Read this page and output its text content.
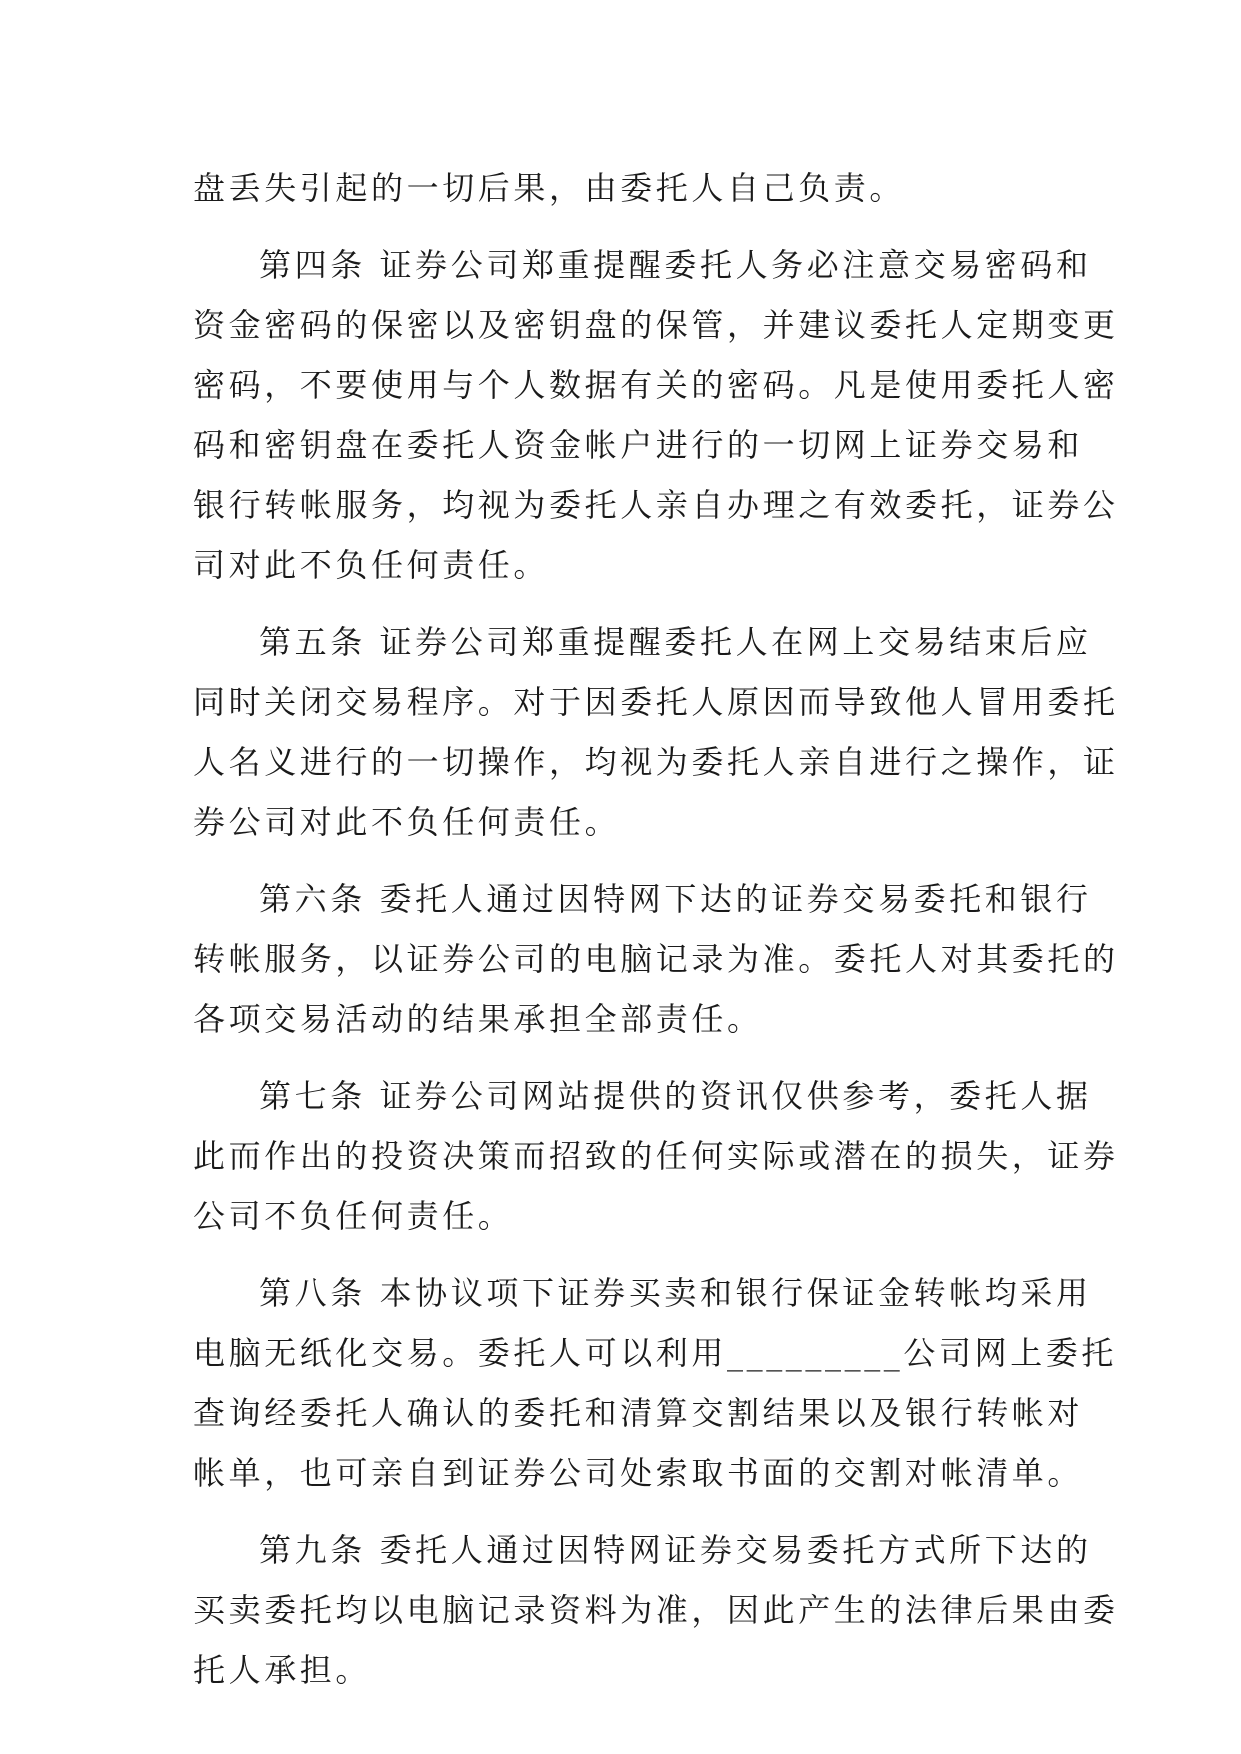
盘丢失引起的一切后果，由委托人自己负责。
第四条 证券公司郑重提醒委托人务必注意交易密码和
资金密码的保密以及密钥盘的保管，并建议委托人定期变更
密码，不要使用与个人数据有关的密码。凡是使用委托人密
码和密钥盘在委托人资金帐户进行的一切网上证券交易和
银行转帐服务，均视为委托人亲自办理之有效委托，证券公
司对此不负任何责任。
第五条 证券公司郑重提醒委托人在网上交易结束后应
同时关闭交易程序。对于因委托人原因而导致他人冒用委托
人名义进行的一切操作，均视为委托人亲自进行之操作，证
券公司对此不负任何责任。
第六条 委托人通过因特网下达的证券交易委托和银行
转帐服务，以证券公司的电脑记录为准。委托人对其委托的
各项交易活动的结果承担全部责任。
第七条 证券公司网站提供的资讯仅供参考，委托人据
此而作出的投资决策而招致的任何实际或潜在的损失，证券
公司不负任何责任。
第八条 本协议项下证券买卖和银行保证金转帐均采用
电脑无纸化交易。委托人可以利用_________公司网上委托
查询经委托人确认的委托和清算交割结果以及银行转帐对
帐单，也可亲自到证券公司处索取书面的交割对帐清单。
第九条 委托人通过因特网证券交易委托方式所下达的
买卖委托均以电脑记录资料为准，因此产生的法律后果由委
托人承担。
